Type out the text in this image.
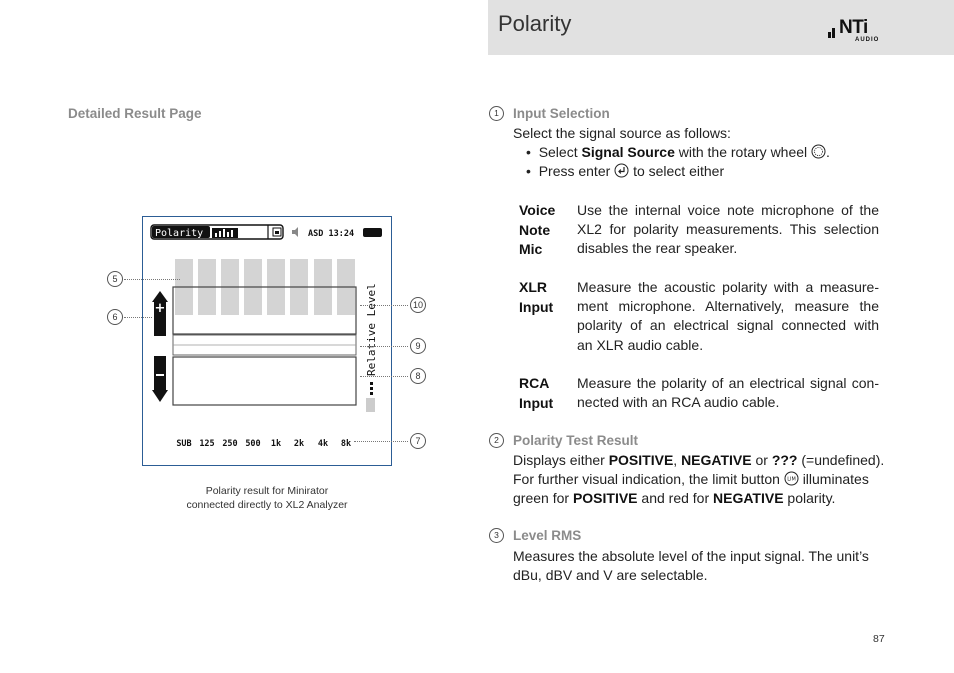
Polarity	NTi
AUDIO
Detailed Result Page
Polarity	ASD 13:24
+	Relative Level
SUB 125 250 500 1k 2k 4k 8k
5
6
10
9
8
7
Polarity result for Minirator
connected directly to XL2 Analyzer
1	Input Selection
Select the signal source as follows:
•  Select Signal Source with the rotary wheel .
•  Press enter to select either
Voice
Note
Mic
Use the internal voice note microphone of the
XL2 for polarity measurements. This selection
disables the rear speaker.
XLR
Input
Measure the acoustic polarity with a measure-
ment microphone. Alternatively, measure the
polarity of an electrical signal connected with
an XLR audio cable.
RCA
Input
Measure the polarity of an electrical signal con-
nected with an RCA audio cable.
2	Polarity Test Result
Displays either POSITIVE, NEGATIVE or ??? (=undefined).
For further visual indication, the limit button LIM illuminates
green for POSITIVE and red for NEGATIVE polarity.
3	Level RMS
Measures the absolute level of the input signal. The unit’s
dBu, dBV and V are selectable.
87
